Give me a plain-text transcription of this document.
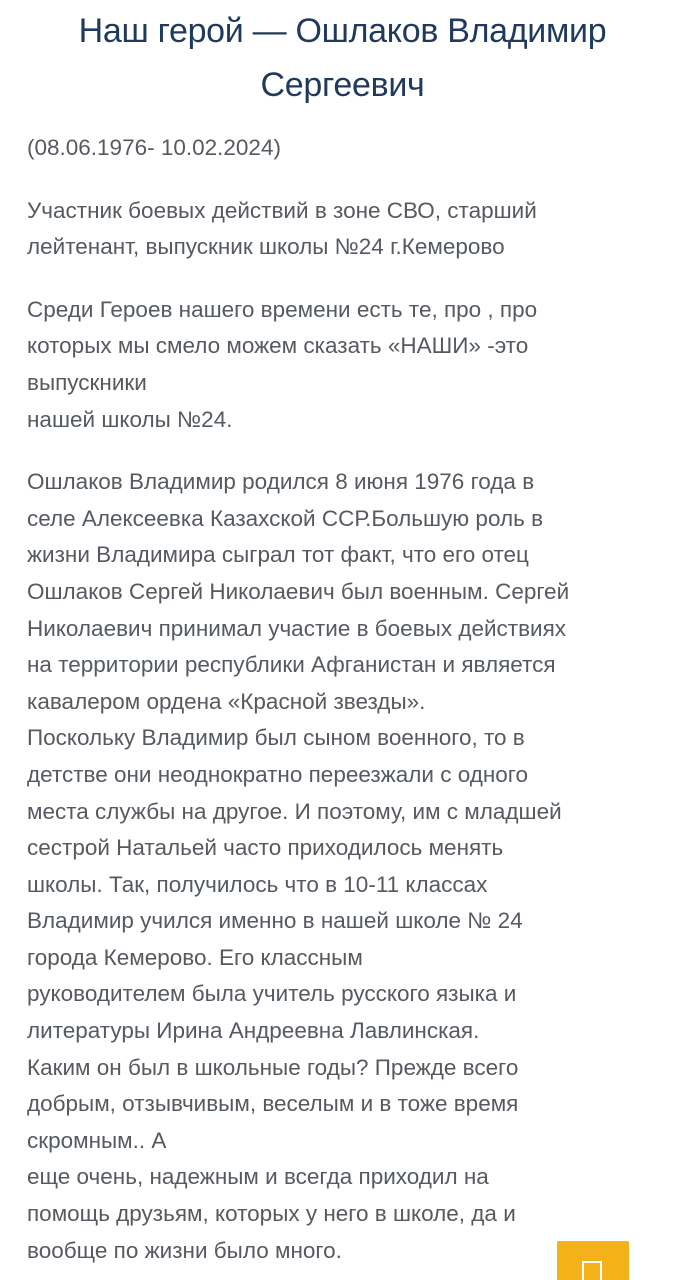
Наш герой — Ошлаков Владимир
Сергеевич

(08.06.1976- 10.02.2024)

Участник боевых действий в зоне СВО, старший
лейтенант, выпускник школы №24 г.Кемерово

Среди Героев нашего времени есть те, про , про
которых мы смело можем сказать «НАШИ» -это
выпускники
нашей школы №24.

Ошлаков Владимир родился 8 июня 1976 года в
селе Алексеевка Казахской ССР.Большую роль в
жизни Владимира сыграл тот факт, что его отец
Ошлаков Сергей Николаевич был военным. Сергей
Николаевич принимал участие в боевых действиях
на территории республики Афганистан и является
кавалером ордена «Красной звезды».
Поскольку Владимир был сыном военного, то в
детстве они неоднократно переезжали с одного
места службы на другое. И поэтому, им с младшей
сестрой Натальей часто приходилось менять
школы. Так, получилось что в 10-11 классах
Владимир учился именно в нашей школе № 24
города Кемерово. Его классным
руководителем была учитель русского языка и
литературы Ирина Андреевна Лавлинская.
Каким он был в школьные годы? Прежде всего
добрым, отзывчивым, веселым и в тоже время
скромным.. А
еще очень, надежным и всегда приходил на
помощь друзьям, которых у него в школе, да и
вообще по жизни было много.
